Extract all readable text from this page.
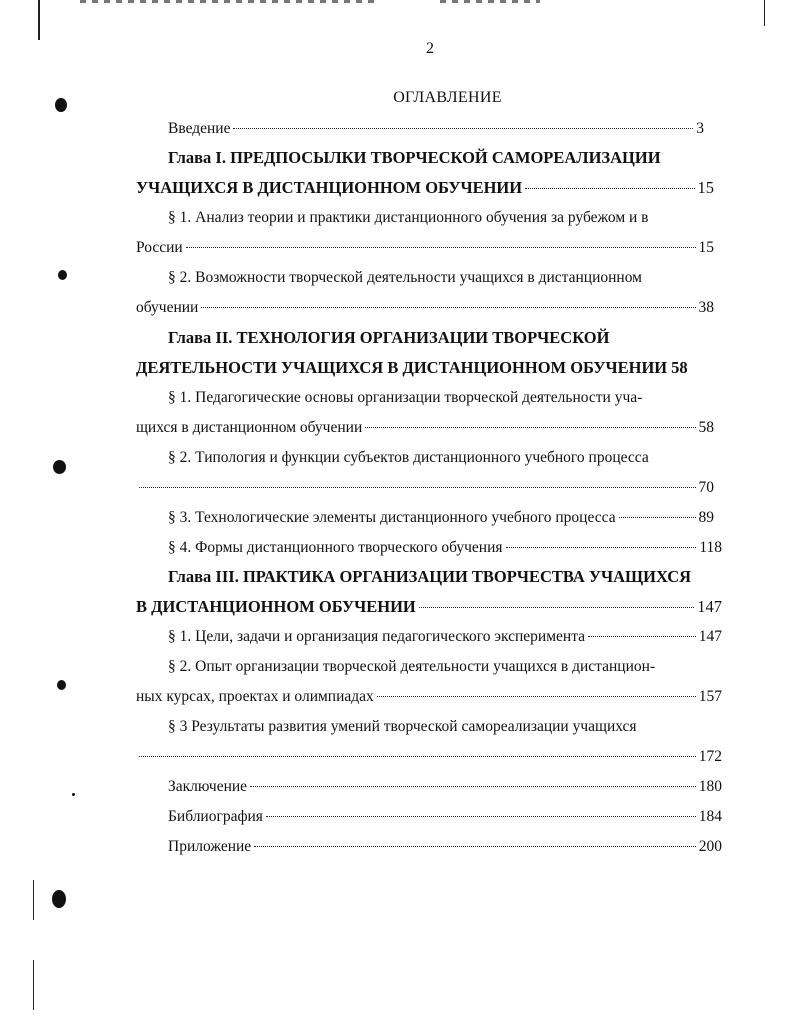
2
ОГЛАВЛЕНИЕ
Введение	3
Глава I. ПРЕДПОСЫЛКИ ТВОРЧЕСКОЙ САМОРЕАЛИЗАЦИИ
УЧАЩИХСЯ В ДИСТАНЦИОННОМ ОБУЧЕНИИ	15
§ 1. Анализ теории и практики дистанционного обучения за рубежом и в
России	15
§ 2. Возможности творческой деятельности учащихся в дистанционном
обучении	38
Глава II. ТЕХНОЛОГИЯ ОРГАНИЗАЦИИ ТВОРЧЕСКОЙ
ДЕЯТЕЛЬНОСТИ УЧАЩИХСЯ В ДИСТАНЦИОННОМ ОБУЧЕНИИ 58
§ 1. Педагогические основы организации творческой деятельности уча-
щихся в дистанционном обучении	58
§ 2. Типология и функции субъектов дистанционного учебного процесса
70
§ 3. Технологические элементы дистанционного учебного процесса	89
§ 4. Формы дистанционного творческого обучения	118
Глава III. ПРАКТИКА ОРГАНИЗАЦИИ ТВОРЧЕСТВА УЧАЩИХСЯ
В ДИСТАНЦИОННОМ ОБУЧЕНИИ	147
§ 1. Цели, задачи и организация педагогического эксперимента	147
§ 2. Опыт организации творческой деятельности учащихся в дистанцион-
ных курсах, проектах и олимпиадах	157
§ 3 Результаты развития умений творческой самореализации учащихся
172
Заключение	180
Библиография	184
Приложение	200
